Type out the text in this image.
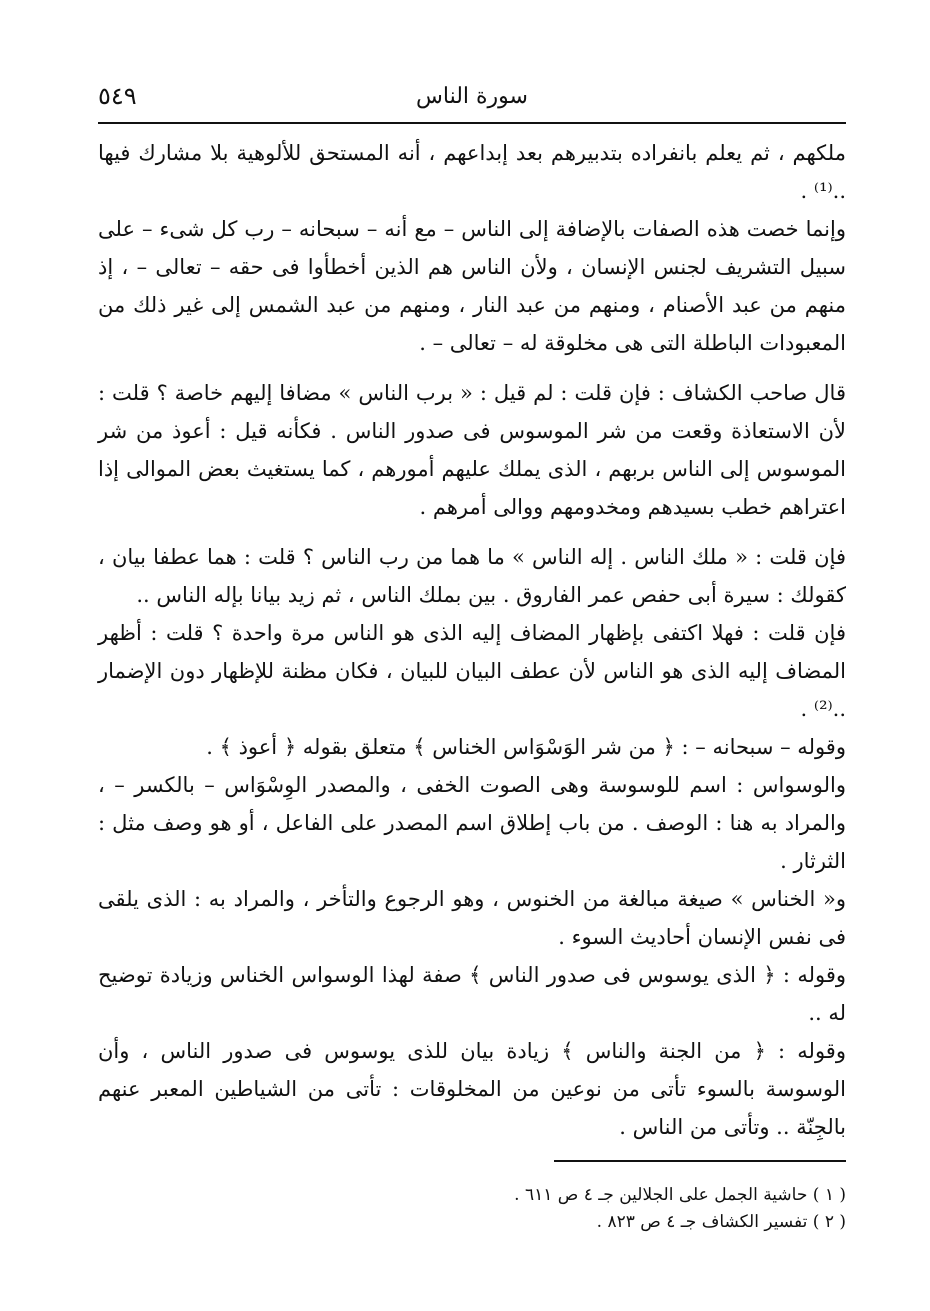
سورة الناس
٥٤٩

ملكهم ، ثم يعلم بانفراده بتدبيرهم بعد إبداعهم ، أنه المستحق للألوهية بلا مشارك فيها ..⁽¹⁾ .

وإنما خصت هذه الصفات بالإضافة إلى الناس – مع أنه – سبحانه – رب كل شىء – على سبيل التشريف لجنس الإنسان ، ولأن الناس هم الذين أخطأوا فى حقه – تعالى – ، إذ منهم من عبد الأصنام ، ومنهم من عبد النار ، ومنهم من عبد الشمس إلى غير ذلك من المعبودات الباطلة التى هى مخلوقة له – تعالى – .

قال صاحب الكشاف : فإن قلت : لم قيل : « برب الناس » مضافا إليهم خاصة ؟ قلت : لأن الاستعاذة وقعت من شر الموسوس فى صدور الناس . فكأنه قيل : أعوذ من شر الموسوس إلى الناس بربهم ، الذى يملك عليهم أمورهم ، كما يستغيث بعض الموالى إذا اعتراهم خطب بسيدهم ومخدومهم ووالى أمرهم .

فإن قلت : « ملك الناس . إله الناس » ما هما من رب الناس ؟ قلت : هما عطفا بيان ، كقولك : سيرة أبى حفص عمر الفاروق . بين بملك الناس ، ثم زيد بيانا بإله الناس ..

فإن قلت : فهلا اكتفى بإظهار المضاف إليه الذى هو الناس مرة واحدة ؟ قلت : أظهر المضاف إليه الذى هو الناس لأن عطف البيان للبيان ، فكان مظنة للإظهار دون الإضمار ..⁽²⁾ .

وقوله – سبحانه – : ﴿ من شر الوَسْوَاس الخناس ﴾ متعلق بقوله ﴿ أعوذ ﴾ .

والوسواس : اسم للوسوسة وهى الصوت الخفى ، والمصدر الوِسْوَاس – بالكسر – ، والمراد به هنا : الوصف . من باب إطلاق اسم المصدر على الفاعل ، أو هو وصف مثل : الثرثار .

و« الخناس » صيغة مبالغة من الخنوس ، وهو الرجوع والتأخر ، والمراد به : الذى يلقى فى نفس الإنسان أحاديث السوء .

وقوله : ﴿ الذى يوسوس فى صدور الناس ﴾ صفة لهذا الوسواس الخناس وزيادة توضيح له ..

وقوله : ﴿ من الجنة والناس ﴾ زيادة بيان للذى يوسوس فى صدور الناس ، وأن الوسوسة بالسوء تأتى من نوعين من المخلوقات : تأتى من الشياطين المعبر عنهم بالجِنّة .. وتأتى من الناس .

( ١ ) حاشية الجمل على الجلالين جـ ٤ ص ٦١١ .

( ٢ ) تفسير الكشاف جـ ٤ ص ٨٢٣ .
